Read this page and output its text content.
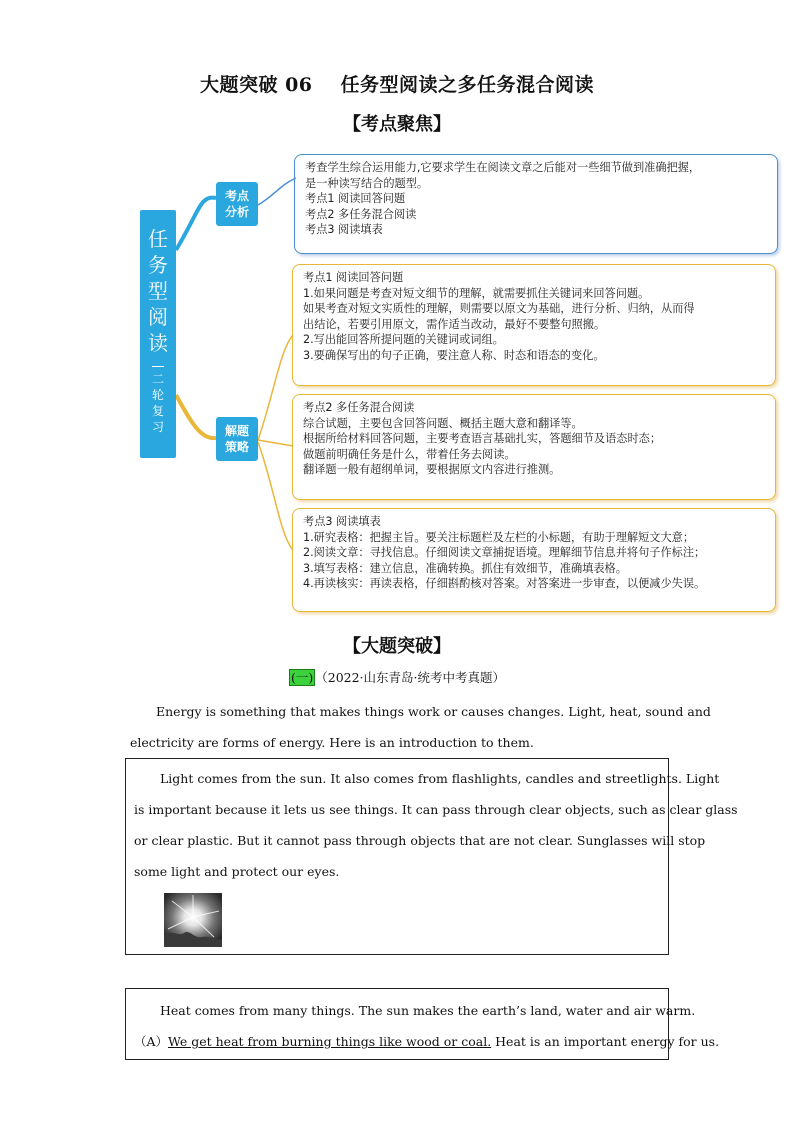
大题突破 06 任务型阅读之多任务混合阅读
【考点聚焦】
任
务
型
阅
读
二
轮
复
习
考点
分析
解题
策略
考查学生综合运用能力,它要求学生在阅读文章之后能对一些细节做到准确把握，
是一种读写结合的题型。
考点1 阅读回答问题
考点2 多任务混合阅读
考点3 阅读填表
考点1 阅读回答问题
1.如果问题是考查对短文细节的理解，就需要抓住关键词来回答问题。
如果考查对短文实质性的理解，则需要以原文为基础，进行分析、归纳，从而得
出结论，若要引用原文，需作适当改动，最好不要整句照搬。
2.写出能回答所提问题的关键词或词组。
3.要确保写出的句子正确，要注意人称、时态和语态的变化。
考点2 多任务混合阅读
综合试题，主要包含回答问题、概括主题大意和翻译等。
根据所给材料回答问题，主要考查语言基础扎实，答题细节及语态时态；
做题前明确任务是什么，带着任务去阅读。
翻译题一般有超纲单词，要根据原文内容进行推测。
考点3 阅读填表
1.研究表格：把握主旨。要关注标题栏及左栏的小标题，有助于理解短文大意；
2.阅读文章：寻找信息。仔细阅读文章捕捉语境。理解细节信息并将句子作标注；
3.填写表格：建立信息，准确转换。抓住有效细节，准确填表格。
4.再读核实：再读表格，仔细斟酌核对答案。对答案进一步审查，以便减少失误。
【大题突破】
(一) （2022·山东青岛·统考中考真题）
Energy is something that makes things work or causes changes. Light, heat, sound and
electricity are forms of energy. Here is an introduction to them.

Light comes from the sun. It also comes from flashlights, candles and streetlights. Light

is important because it lets us see things. It can pass through clear objects, such as clear glass

or clear plastic. But it cannot pass through objects that are not clear. Sunglasses will stop

some light and protect our eyes.

Heat comes from many things. The sun makes the earth’s land, water and air warm.

（A）We get heat from burning things like wood or coal. Heat is an important energy for us.
